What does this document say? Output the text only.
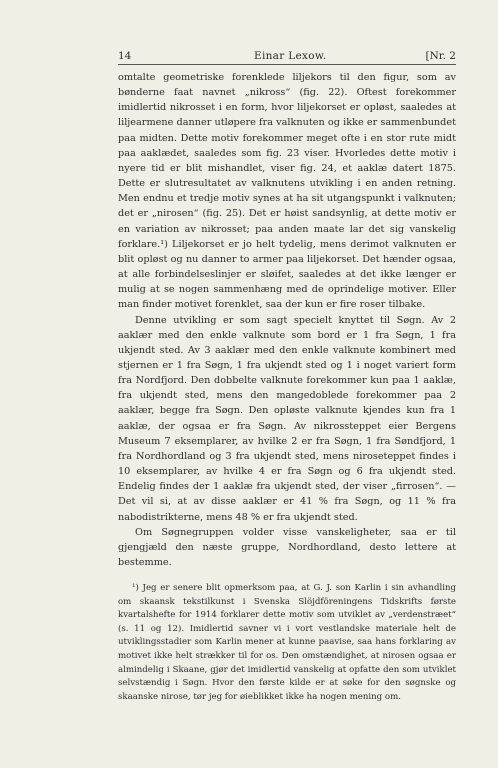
14	Einar Lexow.	[Nr. 2

omtalte geometriske forenklede liljekors til den figur, som av bønderne faat navnet „nikross“ (fig. 22). Oftest forekommer imidlertid nikrosset i en form, hvor liljekorset er opløst, saaledes at liljearmene danner utløpere fra valknuten og ikke er sammenbundet paa midten. Dette motiv forekommer meget ofte i en stor rute midt paa aaklædet, saaledes som fig. 23 viser. Hvorledes dette motiv i nyere tid er blit mishandlet, viser fig. 24, et aaklæ datert 1875. Dette er slutresultatet av valknutens utvikling i en anden retning. Men endnu et tredje motiv synes at ha sit utgangspunkt i valknuten; det er „nirosen“ (fig. 25). Det er høist sandsynlig, at dette motiv er en variation av nikrosset; paa anden maate lar det sig vanskelig forklare.¹) Liljekorset er jo helt tydelig, mens derimot valknuten er blit opløst og nu danner to armer paa liljekorset. Det hænder ogsaa, at alle forbindelseslinjer er sløifet, saaledes at det ikke længer er mulig at se nogen sammenhæng med de oprindelige motiver. Eller man finder motivet forenklet, saa der kun er fire roser tilbake.

Denne utvikling er som sagt specielt knyttet til Søgn. Av 2 aaklær med den enkle valknute som bord er 1 fra Søgn, 1 fra ukjendt sted. Av 3 aaklær med den enkle valknute kombinert med stjernen er 1 fra Søgn, 1 fra ukjendt sted og 1 i noget variert form fra Nordfjord. Den dobbelte valknute forekommer kun paa 1 aaklæ, fra ukjendt sted, mens den mangedoblede forekommer paa 2 aaklær, begge fra Søgn. Den opløste valknute kjendes kun fra 1 aaklæ, der ogsaa er fra Søgn. Av nikrossteppet eier Bergens Museum 7 eksemplarer, av hvilke 2 er fra Søgn, 1 fra Søndfjord, 1 fra Nordhordland og 3 fra ukjendt sted, mens niroseteppet findes i 10 eksemplarer, av hvilke 4 er fra Søgn og 6 fra ukjendt sted. Endelig findes der 1 aaklæ fra ukjendt sted, der viser „firrosen“. — Det vil si, at av disse aaklær er 41 % fra Søgn, og 11 % fra nabodistrikterne, mens 48 % er fra ukjendt sted.

Om Søgnegruppen volder visse vanskeligheter, saa er til gjengjæld den næste gruppe, Nordhordland, desto lettere at bestemme.

¹) Jeg er senere blit opmerksom paa, at G. J. son Karlin i sin avhandling om skaansk tekstilkunst i Svenska Slöjdföreningens Tidskrifts første kvartalshefte for 1914 forklarer dette motiv som utviklet av „verdenstræet“ (s. 11 og 12). Imidlertid savner vi i vort vestlandske materiale helt de utviklingsstadier som Karlin mener at kunne paavise, saa hans forklaring av motivet ikke helt strækker til for os. Den omstændighet, at nirosen ogsaa er almindelig i Skaane, gjør det imidlertid vanskelig at opfatte den som utviklet selvstændig i Søgn. Hvor den første kilde er at søke for den søgnske og skaanske nirose, tør jeg for øieblikket ikke ha nogen mening om.
